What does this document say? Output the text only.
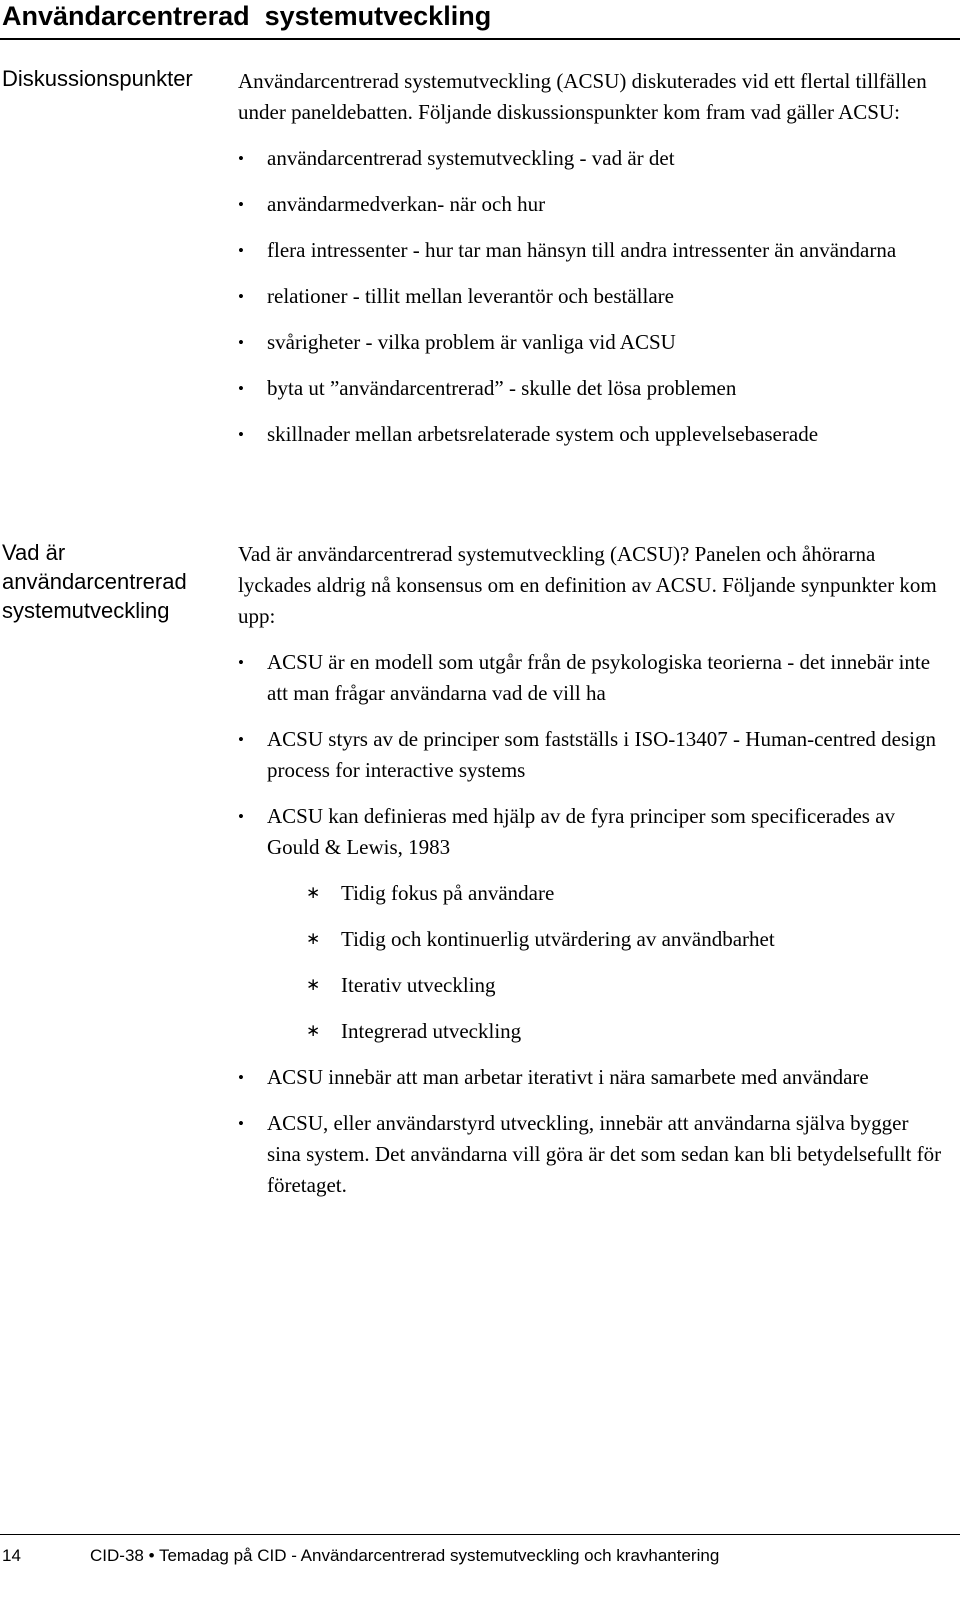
Användarcentrerad  systemutveckling
Diskussionspunkter	Användarcentrerad systemutveckling (ACSU) diskuterades vid ett flertal tillfällen under paneldebatten. Följande diskussionspunkter kom fram vad gäller ACSU:

• användarcentrerad systemutveckling - vad är det
• användarmedverkan- när och hur
• flera intressenter - hur tar man hänsyn till andra intressenter än användarna
• relationer - tillit mellan leverantör och beställare
• svårigheter - vilka problem är vanliga vid ACSU
• byta ut ”användarcentrerad” - skulle det lösa problemen
• skillnader mellan arbetsrelaterade system och upplevelsebaserade
Vad är
användarcentrerad
systemutveckling

Vad är användarcentrerad systemutveckling (ACSU)? Panelen och åhörarna lyckades aldrig nå konsensus om en definition av ACSU. Följande synpunkter kom upp:

• ACSU är en modell som utgår från de psykologiska teorierna - det innebär inte att man frågar användarna vad de vill ha
• ACSU styrs av de principer som fastställs i ISO-13407 - Human-centred design process for interactive systems
• ACSU kan definieras med hjälp av de fyra principer som specificerades av Gould & Lewis, 1983
∗ Tidig fokus på användare
∗ Tidig och kontinuerlig utvärdering av användbarhet
∗ Iterativ utveckling
∗ Integrerad utveckling
• ACSU innebär att man arbetar iterativt i nära samarbete med användare
• ACSU, eller användarstyrd utveckling, innebär att användarna själva bygger sina system. Det användarna vill göra är det som sedan kan bli betydelsefullt för företaget.
14	CID-38 • Temadag på CID - Användarcentrerad systemutveckling och kravhantering
